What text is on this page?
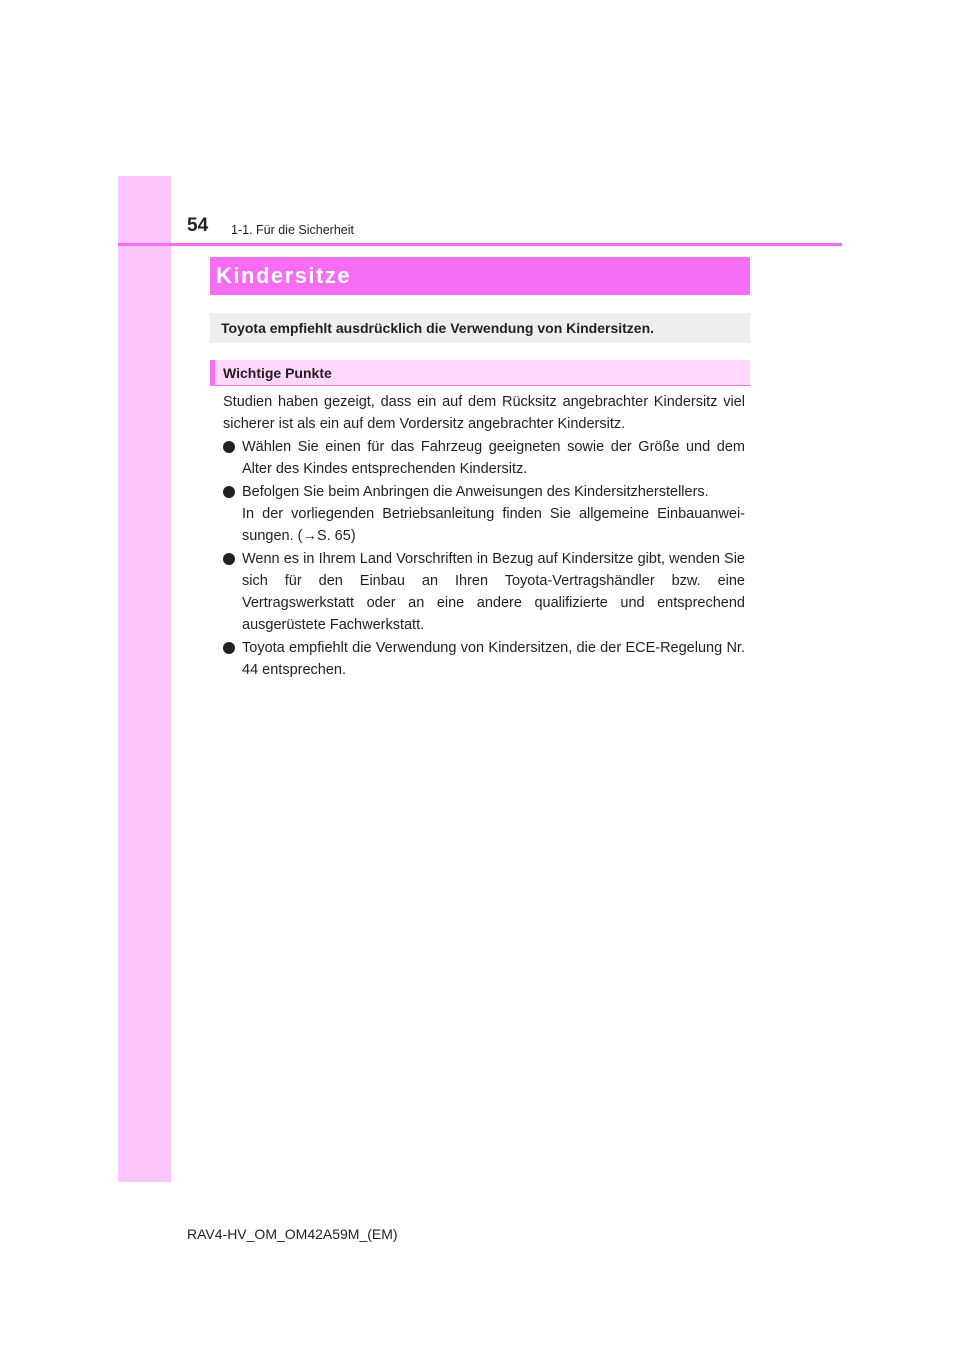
54 1-1. Für die Sicherheit
Kindersitze
Toyota empfiehlt ausdrücklich die Verwendung von Kindersitzen.
Wichtige Punkte

Studien haben gezeigt, dass ein auf dem Rücksitz angebrachter Kindersitz viel sicherer ist als ein auf dem Vordersitz angebrachter Kindersitz.

Wählen Sie einen für das Fahrzeug geeigneten sowie der Größe und dem Alter des Kindes entsprechenden Kindersitz.
Befolgen Sie beim Anbringen die Anweisungen des Kindersitzherstellers.
In der vorliegenden Betriebsanleitung finden Sie allgemeine Einbauanwei-
sungen. (→S. 65)
Wenn es in Ihrem Land Vorschriften in Bezug auf Kindersitze gibt, wenden Sie sich für den Einbau an Ihren Toyota-Vertragshändler bzw. eine Vertragswerkstatt oder an eine andere qualifizierte und entsprechend ausgerüstete Fachwerkstatt.
Toyota empfiehlt die Verwendung von Kindersitzen, die der ECE-Regelung Nr. 44 entsprechen.
RAV4-HV_OM_OM42A59M_(EM)
